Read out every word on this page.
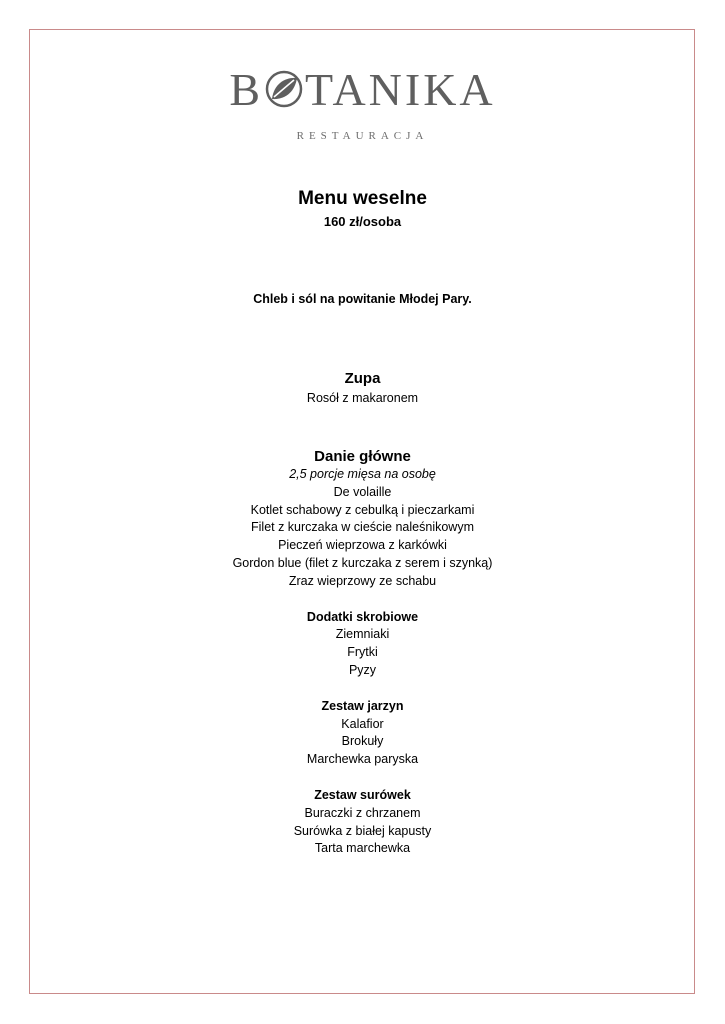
B TANIKA
RESTAURACJA
Menu weselne
160 zł/osoba
Chleb i sól na powitanie Młodej Pary.
Zupa
Rosół z makaronem
Danie główne
2,5 porcje mięsa na osobę
De volaille
Kotlet schabowy z cebulką i pieczarkami
Filet z kurczaka w cieście naleśnikowym
Pieczeń wieprzowa z karkówki
Gordon blue (filet z kurczaka z serem i szynką)
Zraz wieprzowy ze schabu
Dodatki skrobiowe
Ziemniaki
Frytki
Pyzy
Zestaw jarzyn
Kalafior
Brokuły
Marchewka paryska
Zestaw surówek
Buraczki z chrzanem
Surówka z białej kapusty
Tarta marchewka
